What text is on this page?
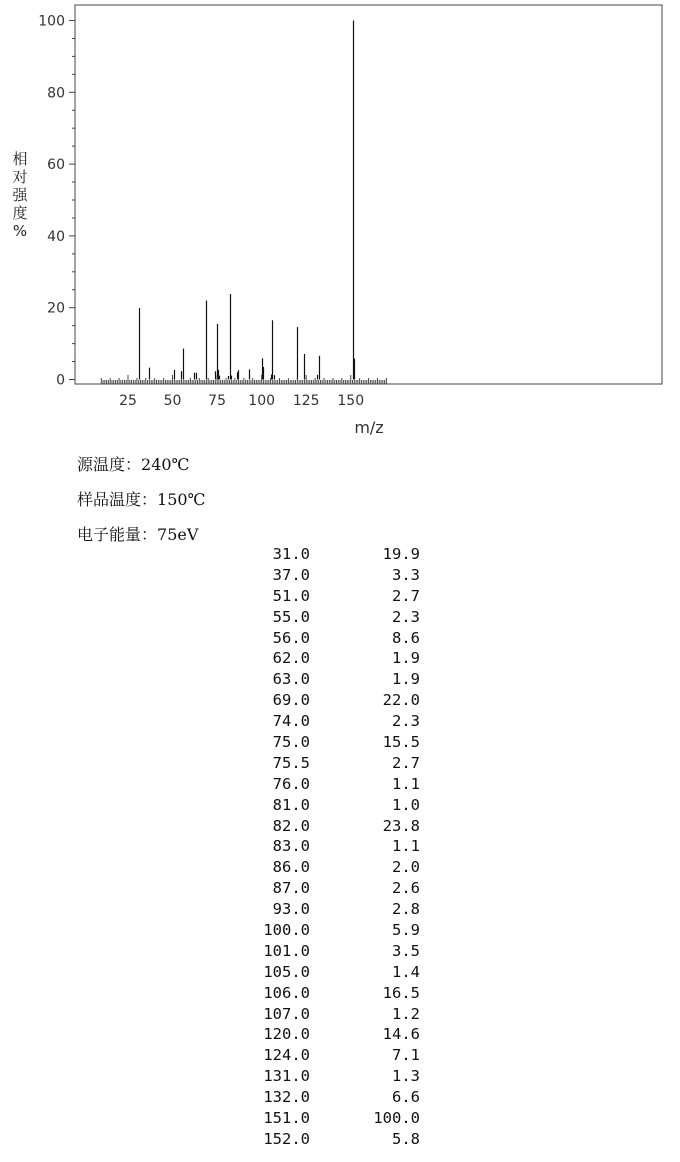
0
20
40
60
80
100
25 50 75 100 125 150
m/z
相
对
强
度
%
源温度：240℃
样品温度：150℃
电子能量：75eV
31.0	19.9
37.0	3.3
51.0	2.7
55.0	2.3
56.0	8.6
62.0	1.9
63.0	1.9
69.0	22.0
74.0	2.3
75.0	15.5
75.5	2.7
76.0	1.1
81.0	1.0
82.0	23.8
83.0	1.1
86.0	2.0
87.0	2.6
93.0	2.8
100.0	5.9
101.0	3.5
105.0	1.4
106.0	16.5
107.0	1.2
120.0	14.6
124.0	7.1
131.0	1.3
132.0	6.6
151.0	100.0
152.0	5.8
